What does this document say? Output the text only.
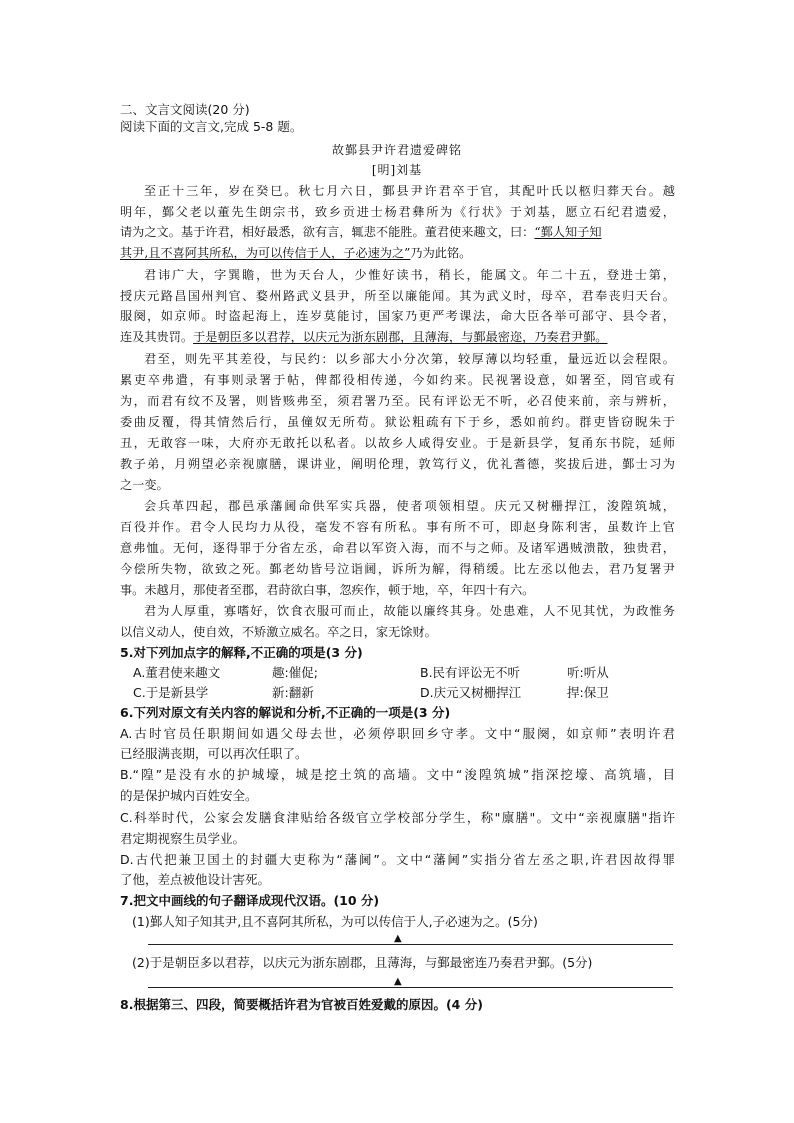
二、文言文阅读(20 分)
阅读下面的文言文,完成 5-8 题。
故鄞县尹许君遗爱碑铭
[明]刘基
至正十三年，岁在癸巳。秋七月六日，鄞县尹许君卒于官，其配叶氏以柩归葬天台。越
明年，鄞父老以董先生朗宗书，致乡贡进士杨君彝所为《行状》于刘基，愿立石纪君遗爱，
请为之文。基于许君，相好最悉，欲有言，辄悲不能胜。董君使来趣文，曰：“鄞人知子知
其尹,且不喜阿其所私，为可以传信于人，子必速为之”乃为此铭。
君讳广大，字巽瞻，世为天台人，少惟好读书，稍长，能属文。年二十五，登进士第，
授庆元路昌国州判官、婺州路武义县尹，所至以廉能闻。其为武义时，母卒，君奉丧归天台。
服阕，如京师。时盗起海上，连岁莫能讨，国家乃更严考课法，命大臣各举可部守、县令者，
连及其贵罚。于是朝臣多以君荐，以庆元为浙东剧郡，且薄海，与鄞最密迩，乃奏君尹鄞。
君至，则先平其差役，与民约：以乡部大小分次第，较厚薄以均轻重，量远近以会程限。
累吏卒弗遣，有事则录署于帖，俾都役相传递，今如约来。民视署设意，如署至，罔官或有
为，而君有纹不及署，则皆赅弗至，须君署乃至。民有评讼无不听，必召使来前，亲与辨析，
委曲反覆，得其情然后行，虽僮奴无所苟。狱讼粗疏有下于乡，悉如前约。群吏皆窃睨朱于
丑，无敢容一味，大府亦无敢托以私者。以故乡人咸得安业。于是新县学，复甬东书院，延师
教子弟，月朔望必亲视廪膳，课讲业，阐明伦理，敦笃行义，优礼耆德，奖拔后进，鄞士习为
之一变。
会兵革四起，郡邑承藩阃命供军实兵器，使者项领相望。庆元又树栅捍江，浚隍筑城，
百役并作。君令人民均力从役，毫发不容有所私。事有所不可，即赵身陈利害，虽数许上官
意弗恤。无何，逐得罪于分省左丞，命君以军资入海，而不与之师。及诸军遇贼溃散，独贵君，
今偿所失物，欲致之死。鄞老幼皆号泣诣阃，诉所为解，得稍缓。比左丞以他去，君乃复署尹
事。未越月，那使者至郡，君莳欲白事，忽疾作，顿于地，卒，年四十有六。
君为人厚重，寡嗜好，饮食衣服可而止，故能以廉终其身。处患难，人不见其忧，为政惟务
以信义动人，使自效，不矫激立威名。卒之日，家无馀财。
5.对下列加点字的解释,不正确的项是(3 分)
A.董君使来趣文	趣:催促;	B.民有评讼无不听	听:听从
C.于是新县学	新:翻新	D.庆元又树栅捍江	捍:保卫
6.下列对原文有关内容的解说和分析,不正确的一项是(3 分)
A.古时官员任职期间如遇父母去世，必须停职回乡守孝。文中“服阕，如京师”表明许君
已经服满丧期，可以再次任职了。
B.“隍”是没有水的护城壕，城是挖土筑的高墙。文中“浚隍筑城”指深挖壕、高筑墙，目
的是保护城内百姓安全。
C.科举时代，公家会发膳食津贴给各级官立学校部分学生，称"廪膳"。文中“亲视廪膳"指许
君定期视察生员学业。
D.古代把兼卫国土的封疆大吏称为“藩阃”。文中“藩阃”实指分省左丞之职,许君因故得罪
了他，差点被他设计害死。
7.把文中画线的句子翻译成现代汉语。(10 分)
(1)鄞人知子知其尹,且不喜阿其所私，为可以传信于人,子必速为之。(5分)
▲
(2)于是朝臣多以君荐，以庆元为浙东剧郡，且薄海，与鄞最密连乃奏君尹鄞。(5分)
▲
8.根据第三、四段，简要概括许君为官被百姓爱戴的原因。(4 分)
